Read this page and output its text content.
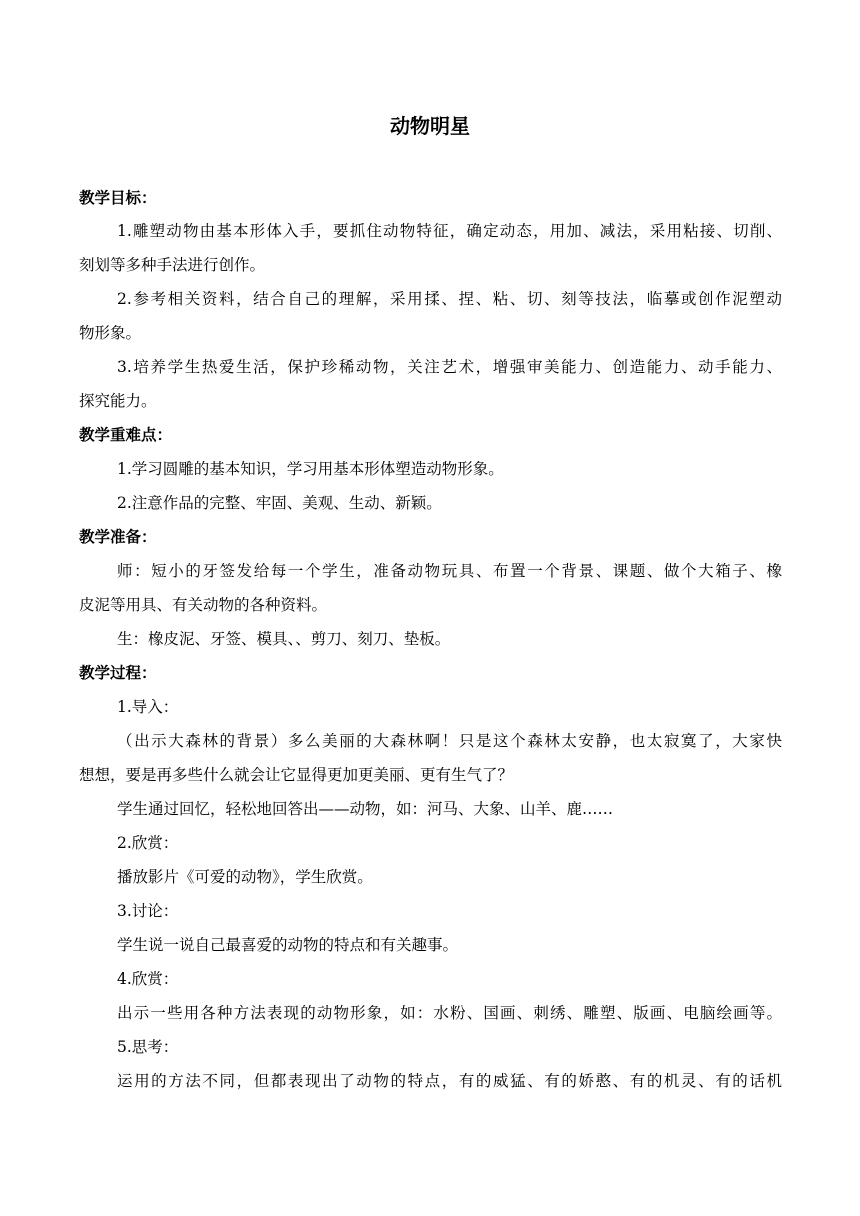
动物明星
教学目标：
1.雕塑动物由基本形体入手，要抓住动物特征，确定动态，用加、减法，采用粘接、切削、
刻划等多种手法进行创作。
2.参考相关资料，结合自己的理解，采用揉、捏、粘、切、刻等技法，临摹或创作泥塑动
物形象。
3.培养学生热爱生活，保护珍稀动物，关注艺术，增强审美能力、创造能力、动手能力、
探究能力。
教学重难点：
1.学习圆雕的基本知识，学习用基本形体塑造动物形象。
2.注意作品的完整、牢固、美观、生动、新颖。
教学准备：
师：短小的牙签发给每一个学生，准备动物玩具、布置一个背景、课题、做个大箱子、橡
皮泥等用具、有关动物的各种资料。
生：橡皮泥、牙签、模具、、剪刀、刻刀、垫板。
教学过程：
1.导入：
（出示大森林的背景）多么美丽的大森林啊！只是这个森林太安静，也太寂寞了，大家快
想想，要是再多些什么就会让它显得更加更美丽、更有生气了？
学生通过回忆，轻松地回答出——动物，如：河马、大象、山羊、鹿……
2.欣赏：
播放影片《可爱的动物》，学生欣赏。
3.讨论：
学生说一说自己最喜爱的动物的特点和有关趣事。
4.欣赏：
出示一些用各种方法表现的动物形象，如：水粉、国画、刺绣、雕塑、版画、电脑绘画等。
5.思考：
运用的方法不同，但都表现出了动物的特点，有的威猛、有的娇憨、有的机灵、有的话机
